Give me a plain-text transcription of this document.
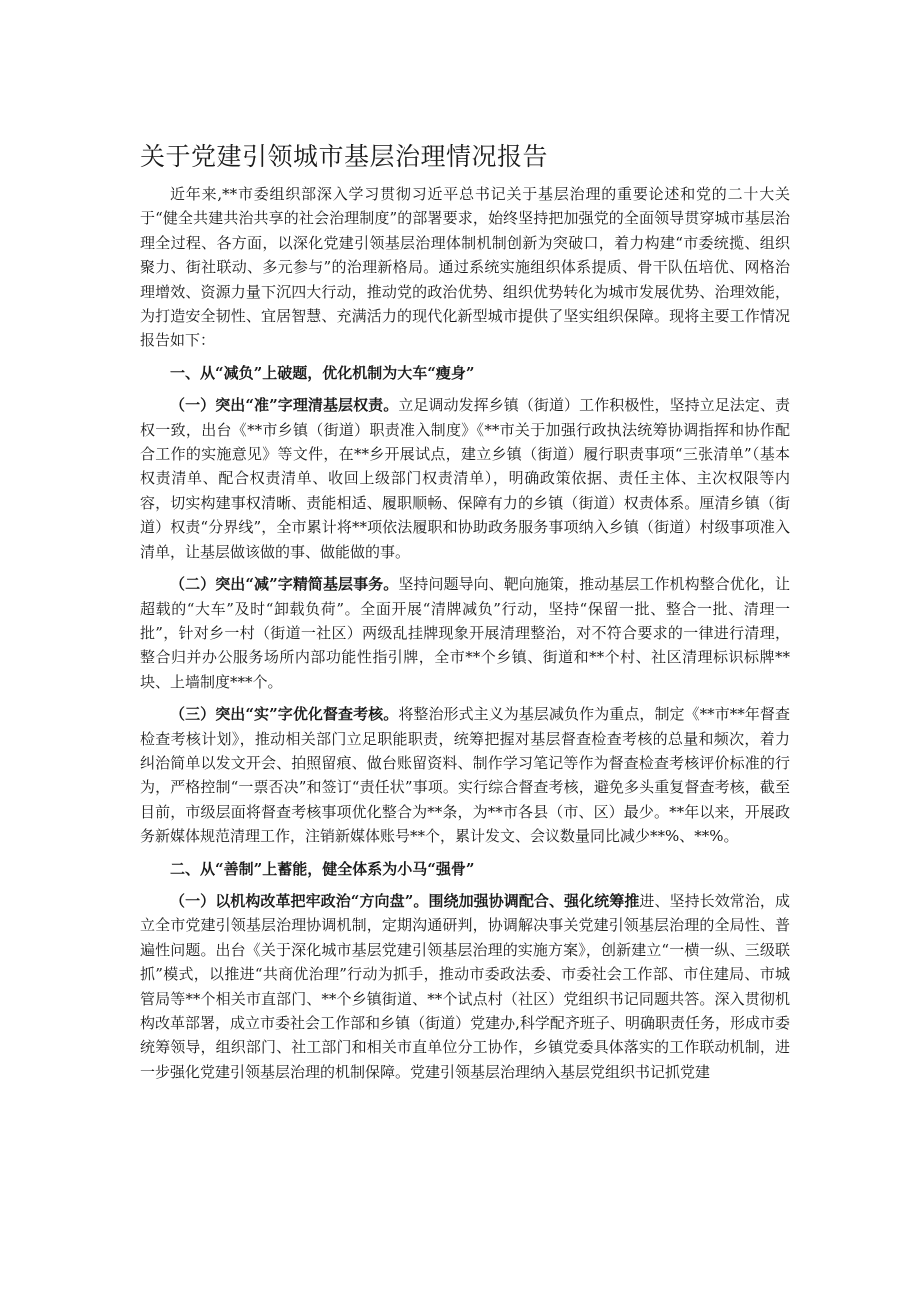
关于党建引领城市基层治理情况报告

近年来,**市委组织部深入学习贯彻习近平总书记关于基层治理的重要论述和党的二十大关于“健全共建共治共享的社会治理制度”的部署要求，始终坚持把加强党的全面领导贯穿城市基层治理全过程、各方面，以深化党建引领基层治理体制机制创新为突破口，着力构建“市委统揽、组织聚力、街社联动、多元参与”的治理新格局。通过系统实施组织体系提质、骨干队伍培优、网格治理增效、资源力量下沉四大行动，推动党的政治优势、组织优势转化为城市发展优势、治理效能，为打造安全韧性、宜居智慧、充满活力的现代化新型城市提供了坚实组织保障。现将主要工作情况报告如下：

一、从“减负”上破题，优化机制为大车“瘦身”

（一）突出“准”字理清基层权责。立足调动发挥乡镇（街道）工作积极性，坚持立足法定、责权一致，出台《**市乡镇（街道）职责准入制度》《**市关于加强行政执法统筹协调指挥和协作配合工作的实施意见》等文件，在**乡开展试点，建立乡镇（街道）履行职责事项“三张清单”（基本权责清单、配合权责清单、收回上级部门权责清单），明确政策依据、责任主体、主次权限等内容，切实构建事权清晰、责能相适、履职顺畅、保障有力的乡镇（街道）权责体系。厘清乡镇（街道）权责“分界线”，全市累计将**项依法履职和协助政务服务事项纳入乡镇（街道）村级事项准入清单，让基层做该做的事、做能做的事。

（二）突出“减”字精简基层事务。坚持问题导向、靶向施策，推动基层工作机构整合优化，让超载的“大车”及时“卸载负荷”。全面开展“清牌减负”行动，坚持“保留一批、整合一批、清理一批”，针对乡一村（街道一社区）两级乱挂牌现象开展清理整治，对不符合要求的一律进行清理，整合归并办公服务场所内部功能性指引牌，全市**个乡镇、街道和**个村、社区清理标识标牌**块、上墙制度***个。

（三）突出“实”字优化督查考核。将整治形式主义为基层减负作为重点，制定《**市**年督查检查考核计划》，推动相关部门立足职能职责，统筹把握对基层督查检查考核的总量和频次，着力纠治简单以发文开会、拍照留痕、做台账留资料、制作学习笔记等作为督查检查考核评价标准的行为，严格控制“一票否决”和签订“责任状”事项。实行综合督查考核，避免多头重复督查考核，截至目前，市级层面将督查考核事项优化整合为**条，为**市各县（市、区）最少。**年以来，开展政务新媒体规范清理工作，注销新媒体账号**个，累计发文、会议数量同比减少**%、**%。

二、从“善制”上蓄能，健全体系为小马“强骨”

（一）以机构改革把牢政治“方向盘”。围绕加强协调配合、强化统筹推进、坚持长效常治，成立全市党建引领基层治理协调机制，定期沟通研判，协调解决事关党建引领基层治理的全局性、普遍性问题。出台《关于深化城市基层党建引领基层治理的实施方案》，创新建立“一横一纵、三级联抓”模式，以推进“共商优治理”行动为抓手，推动市委政法委、市委社会工作部、市住建局、市城管局等**个相关市直部门、**个乡镇街道、**个试点村（社区）党组织书记同题共答。深入贯彻机构改革部署，成立市委社会工作部和乡镇（街道）党建办,科学配齐班子、明确职责任务，形成市委统筹领导，组织部门、社工部门和相关市直单位分工协作，乡镇党委具体落实的工作联动机制，进一步强化党建引领基层治理的机制保障。党建引领基层治理纳入基层党组织书记抓党建
